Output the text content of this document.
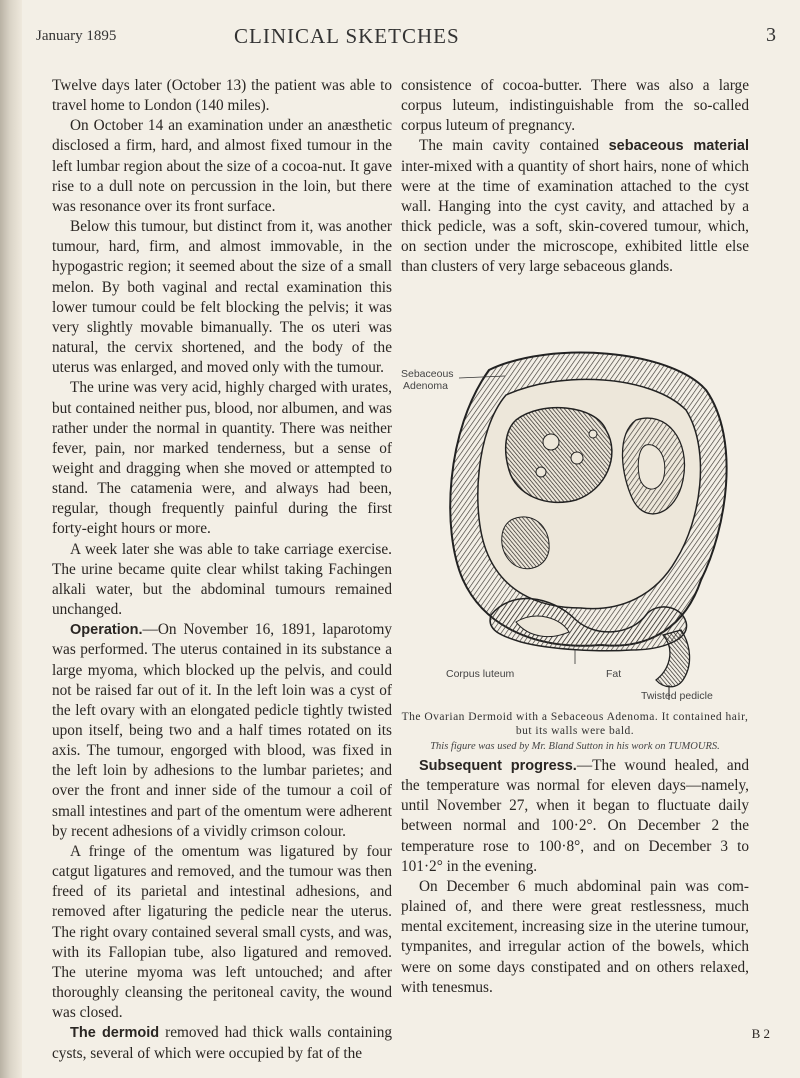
January 1895	CLINICAL SKETCHES	3

Twelve days later (October 13) the patient was able to travel home to London (140 miles).

On October 14 an examination under an anæsthetic disclosed a firm, hard, and almost fixed tumour in the left lumbar region about the size of a cocoa-nut. It gave rise to a dull note on percussion in the loin, but there was resonance over its front surface.

Below this tumour, but distinct from it, was another tumour, hard, firm, and almost immovable, in the hypogastric region; it seemed about the size of a small melon. By both vaginal and rectal examination this lower tumour could be felt blocking the pelvis; it was very slightly movable bimanually. The os uteri was natural, the cervix shortened, and the body of the uterus was enlarged, and moved only with the tumour.

The urine was very acid, highly charged with urates, but contained neither pus, blood, nor albumen, and was rather under the normal in quantity. There was neither fever, pain, nor marked tenderness, but a sense of weight and dragging when she moved or attempted to stand. The catamenia were, and always had been, regular, though frequently painful during the first forty-eight hours or more.

A week later she was able to take carriage exercise. The urine became quite clear whilst taking Fachingen alkali water, but the abdominal tumours remained unchanged.

Operation.—On November 16, 1891, laparotomy was performed. The uterus contained in its substance a large myoma, which blocked up the pelvis, and could not be raised far out of it. In the left loin was a cyst of the left ovary with an elongated pedicle tightly twisted upon itself, being two and a half times rotated on its axis. The tumour, engorged with blood, was fixed in the left loin by adhesions to the lumbar parietes; and over the front and inner side of the tumour a coil of small intestines and part of the omentum were adherent by recent adhesions of a vividly crimson colour.

A fringe of the omentum was ligatured by four catgut ligatures and removed, and the tumour was then freed of its parietal and intestinal adhesions, and removed after ligaturing the pedicle near the uterus. The right ovary contained several small cysts, and was, with its Fallopian tube, also ligatured and removed. The uterine myoma was left untouched; and after thoroughly cleansing the peritoneal cavity, the wound was closed.

The dermoid removed had thick walls containing cysts, several of which were occupied by fat of the

consistence of cocoa-butter. There was also a large corpus luteum, indistinguishable from the so-called corpus luteum of pregnancy.

The main cavity contained sebaceous material inter-mixed with a quantity of short hairs, none of which were at the time of examination attached to the cyst wall. Hanging into the cyst cavity, and attached by a thick pedicle, was a soft, skin-covered tumour, which, on section under the microscope, exhibited little else than clusters of very large sebaceous glands.

Sebaceous
Adenoma
Corpus luteum	Fat
Twisted pedicle
The Ovarian Dermoid with a Sebaceous Adenoma. It contained hair, but its walls were bald.
This figure was used by Mr. Bland Sutton in his work on TUMOURS.

Subsequent progress.—The wound healed, and the temperature was normal for eleven days—namely, until November 27, when it began to fluctuate daily between normal and 100·2°. On December 2 the temperature rose to 100·8°, and on December 3 to 101·2° in the evening.

On December 6 much abdominal pain was com-plained of, and there were great restlessness, much mental excitement, increasing size in the uterine tumour, tympanites, and irregular action of the bowels, which were on some days constipated and on others relaxed, with tenesmus.

B 2
